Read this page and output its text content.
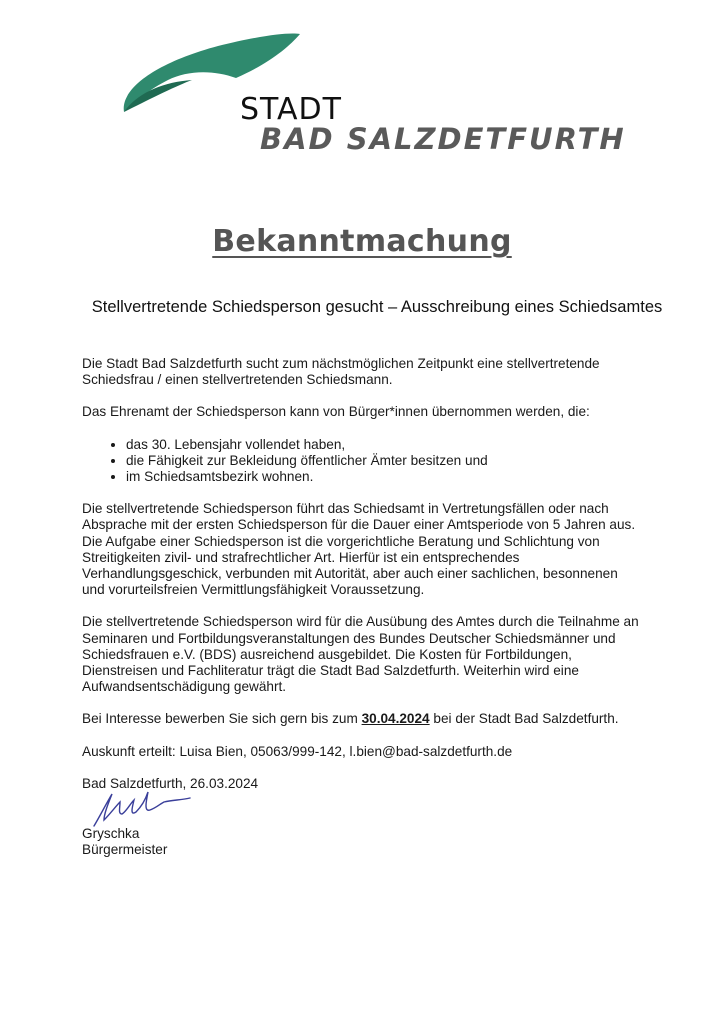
STADT
BAD SALZDETFURTH
Bekanntmachung
Stellvertretende Schiedsperson gesucht – Ausschreibung eines Schiedsamtes

Die Stadt Bad Salzdetfurth sucht zum nächstmöglichen Zeitpunkt eine stellvertretende Schiedsfrau / einen stellvertretenden Schiedsmann.

Das Ehrenamt der Schiedsperson kann von Bürger*innen übernommen werden, die:

• das 30. Lebensjahr vollendet haben,
• die Fähigkeit zur Bekleidung öffentlicher Ämter besitzen und
• im Schiedsamtsbezirk wohnen.

Die stellvertretende Schiedsperson führt das Schiedsamt in Vertretungsfällen oder nach Absprache mit der ersten Schiedsperson für die Dauer einer Amtsperiode von 5 Jahren aus. Die Aufgabe einer Schiedsperson ist die vorgerichtliche Beratung und Schlichtung von Streitigkeiten zivil- und strafrechtlicher Art. Hierfür ist ein entsprechendes Verhandlungsgeschick, verbunden mit Autorität, aber auch einer sachlichen, besonnenen und vorurteilsfreien Vermittlungsfähigkeit Voraussetzung.

Die stellvertretende Schiedsperson wird für die Ausübung des Amtes durch die Teilnahme an Seminaren und Fortbildungsveranstaltungen des Bundes Deutscher Schiedsmänner und Schiedsfrauen e.V. (BDS) ausreichend ausgebildet. Die Kosten für Fortbildungen, Dienstreisen und Fachliteratur trägt die Stadt Bad Salzdetfurth. Weiterhin wird eine Aufwandsentschädigung gewährt.

Bei Interesse bewerben Sie sich gern bis zum 30.04.2024 bei der Stadt Bad Salzdetfurth.

Auskunft erteilt: Luisa Bien, 05063/999-142, l.bien@bad-salzdetfurth.de

Bad Salzdetfurth, 26.03.2024

Gryschka
Bürgermeister
